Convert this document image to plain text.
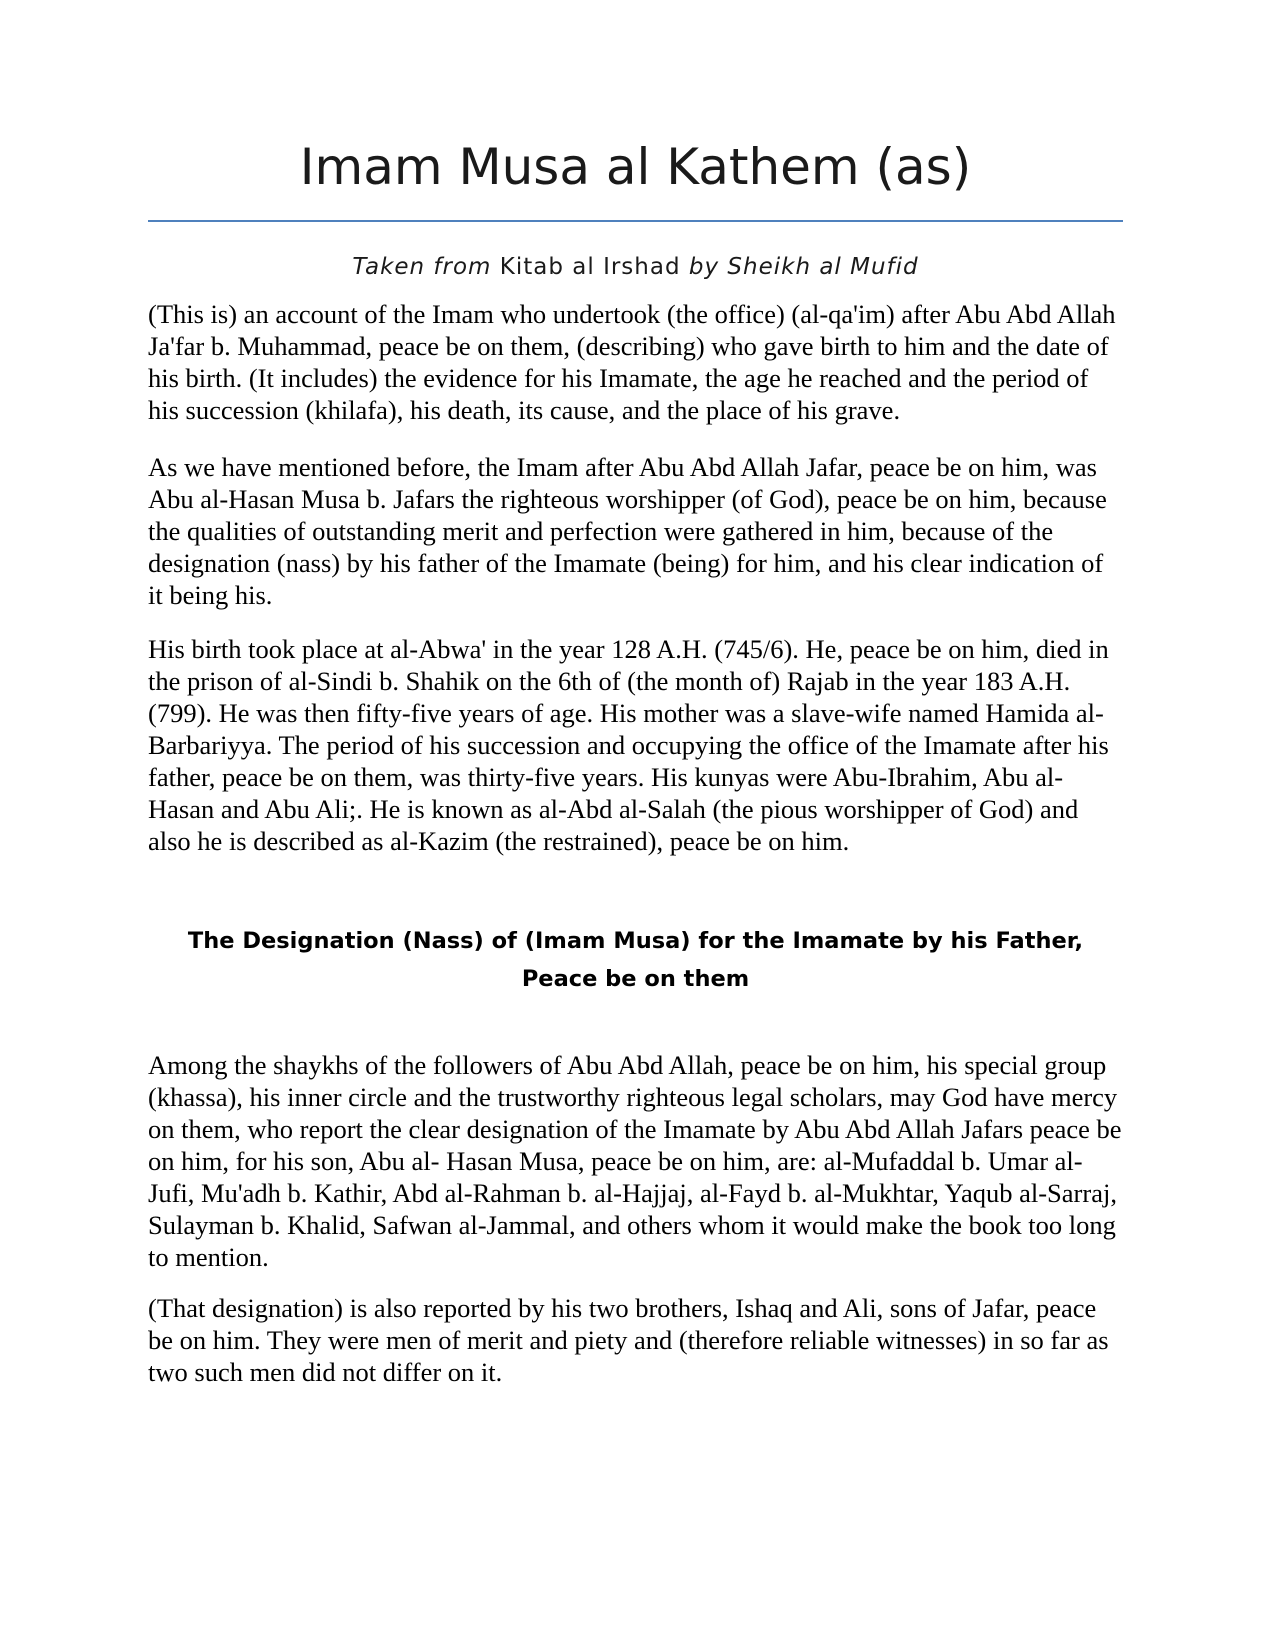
Imam Musa al Kathem (as)
Taken from Kitab al Irshad by Sheikh al Mufid

(This is) an account of the Imam who undertook (the office) (al-qa'im) after Abu Abd Allah Ja'far b. Muhammad, peace be on them, (describing) who gave birth to him and the date of his birth. (It includes) the evidence for his Imamate, the age he reached and the period of his succession (khilafa), his death, its cause, and the place of his grave.

As we have mentioned before, the Imam after Abu Abd Allah Jafar, peace be on him, was Abu al-Hasan Musa b. Jafars the righteous worshipper (of God), peace be on him, because the qualities of outstanding merit and perfection were gathered in him, because of the designation (nass) by his father of the Imamate (being) for him, and his clear indication of it being his.

His birth took place at al-Abwa' in the year 128 A.H. (745/6). He, peace be on him, died in the prison of al-Sindi b. Shahik on the 6th of (the month of) Rajab in the year 183 A.H. (799). He was then fifty-five years of age. His mother was a slave-wife named Hamida al-Barbariyya. The period of his succession and occupying the office of the Imamate after his father, peace be on them, was thirty-five years. His kunyas were Abu-Ibrahim, Abu al-Hasan and Abu Ali;. He is known as al-Abd al-Salah (the pious worshipper of God) and also he is described as al-Kazim (the restrained), peace be on him.

The Designation (Nass) of (Imam Musa) for the Imamate by his Father,
Peace be on them

Among the shaykhs of the followers of Abu Abd Allah, peace be on him, his special group (khassa), his inner circle and the trustworthy righteous legal scholars, may God have mercy on them, who report the clear designation of the Imamate by Abu Abd Allah Jafars peace be on him, for his son, Abu al- Hasan Musa, peace be on him, are: al-Mufaddal b. Umar al-Jufi, Mu'adh b. Kathir, Abd al-Rahman b. al-Hajjaj, al-Fayd b. al-Mukhtar, Yaqub al-Sarraj, Sulayman b. Khalid, Safwan al-Jammal, and others whom it would make the book too long to mention.

(That designation) is also reported by his two brothers, Ishaq and Ali, sons of Jafar, peace be on him. They were men of merit and piety and (therefore reliable witnesses) in so far as two such men did not differ on it.
